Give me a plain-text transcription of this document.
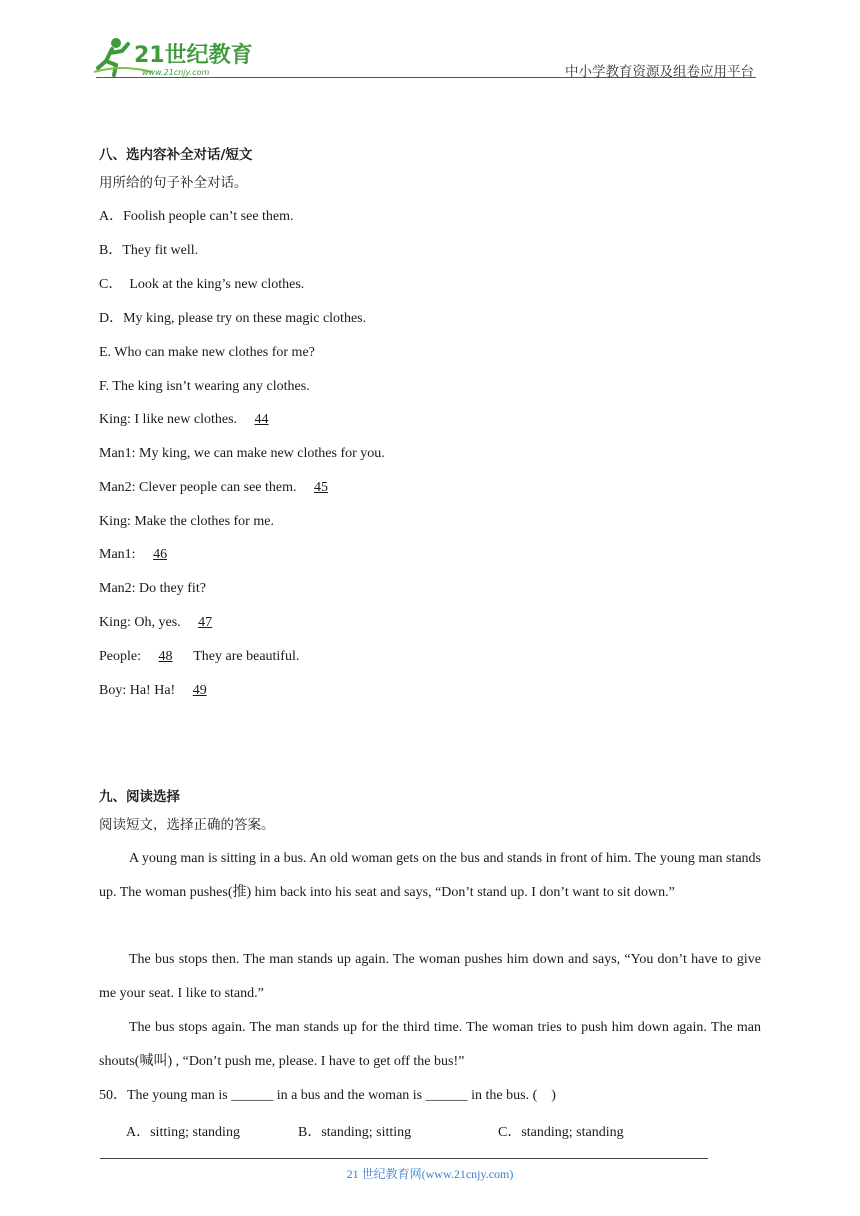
21世纪教育
www.21cnjy.com	中小学教育资源及组卷应用平台
八、选内容补全对话/短文
用所给的句子补全对话。
A．Foolish people can’t see them.
B．They fit well.
C．  Look at the king’s new clothes.
D．My king, please try on these magic clothes.
E. Who can make new clothes for me?
F. The king isn’t wearing any clothes.
King: I like new clothes. 44
Man1: My king, we can make new clothes for you.
Man2: Clever people can see them. 45
King: Make the clothes for me.
Man1: 46
Man2: Do they fit?
King: Oh, yes. 47
People: 48  They are beautiful.
Boy: Ha! Ha! 49
九、阅读选择
阅读短文，选择正确的答案。
A young man is sitting in a bus. An old woman gets on the bus and stands in front of him. The young man stands up. The woman pushes(推) him back into his seat and says, “Don’t stand up. I don’t want to sit down.”
The bus stops then. The man stands up again. The woman pushes him down and says, “You don’t have to give me your seat. I like to stand.”
The bus stops again. The man stands up for the third time. The woman tries to push him down again. The man shouts(喊叫) , “Don’t push me, please. I have to get off the bus!”
50．The young man is ______ in a bus and the woman is ______ in the bus. (    )
A．sitting; standing	B．standing; sitting	C．standing; standing
21 世纪教育网(www.21cnjy.com)
